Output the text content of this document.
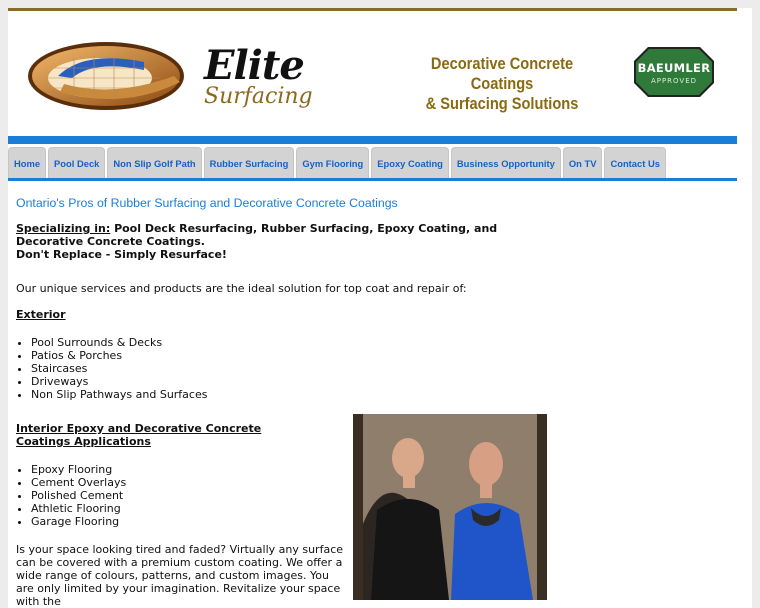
Elite
Surfacing
Decorative Concrete Coatings
& Surfacing Solutions
BAEUMLER
APPROVED
Home	Pool Deck	Non Slip Golf Path	Rubber Surfacing	Gym Flooring	Epoxy Coating	Business Opportunity	On TV	Contact Us
Ontario's Pros of Rubber Surfacing and Decorative Concrete Coatings
Specializing in: Pool Deck Resurfacing, Rubber Surfacing, Epoxy Coating, and Decorative Concrete Coatings.
Don't Replace - Simply Resurface!
Our unique services and products are the ideal solution for top coat and repair of:
Exterior
• Pool Surrounds & Decks
• Patios & Porches
• Staircases
• Driveways
• Non Slip Pathways and Surfaces
Interior Epoxy and Decorative Concrete Coatings Applications
• Epoxy Flooring
• Cement Overlays
• Polished Cement
• Athletic Flooring
• Garage Flooring
Is your space looking tired and faded? Virtually any surface can be covered with a premium custom coating. We offer a wide range of colours, patterns, and custom images. You are only limited by your imagination. Revitalize your space with the
